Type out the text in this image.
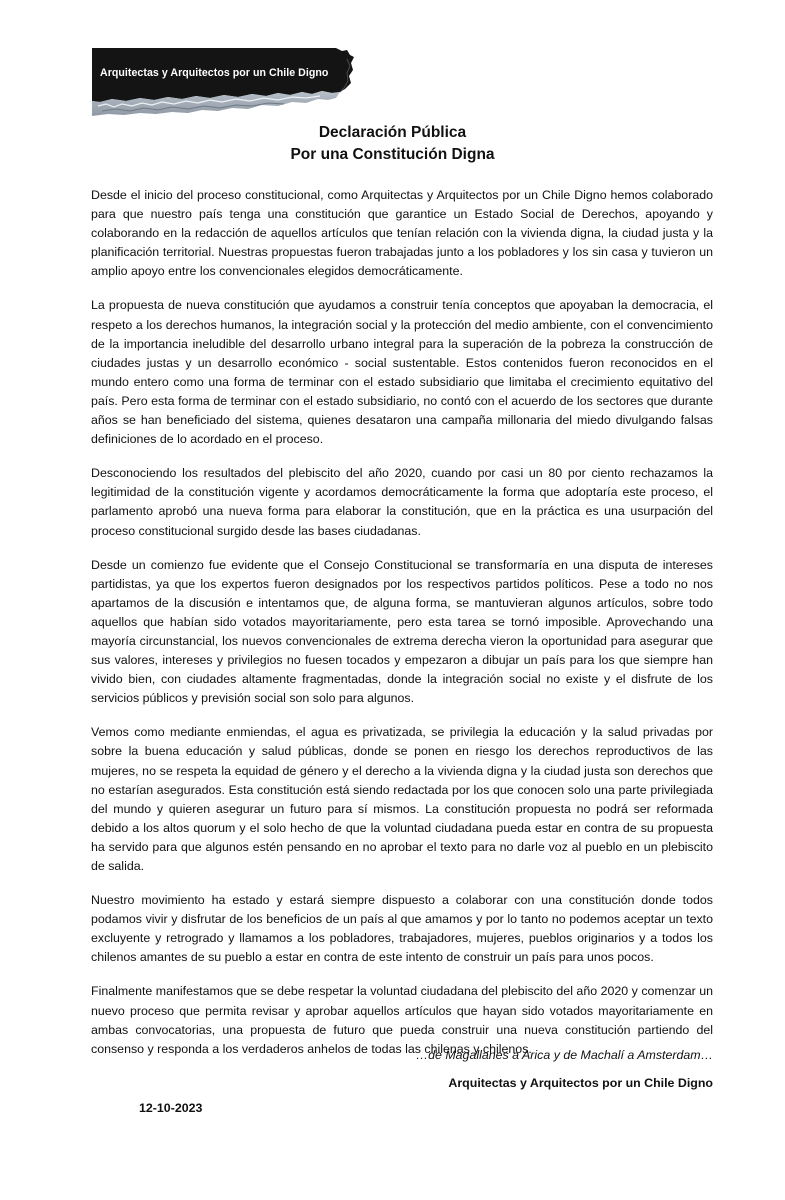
Arquitectas y Arquitectos por un Chile Digno

Declaración Pública

Por una Constitución Digna

Desde el inicio del proceso constitucional, como Arquitectas y Arquitectos por un Chile Digno hemos colaborado para que nuestro país tenga una constitución que garantice un Estado Social de Derechos, apoyando y colaborando en la redacción de aquellos artículos que tenían relación con la vivienda digna, la ciudad justa y la planificación territorial. Nuestras propuestas fueron trabajadas junto a los pobladores y los sin casa y tuvieron un amplio apoyo entre los convencionales elegidos democráticamente.

La propuesta de nueva constitución que ayudamos a construir tenía conceptos que apoyaban la democracia, el respeto a los derechos humanos, la integración social y la protección del medio ambiente, con el convencimiento de la importancia ineludible del desarrollo urbano integral para la superación de la pobreza la construcción de ciudades justas y un desarrollo económico - social sustentable. Estos contenidos fueron reconocidos en el mundo entero como una forma de terminar con el estado subsidiario que limitaba el crecimiento equitativo del país. Pero esta forma de terminar con el estado subsidiario, no contó con el acuerdo de los sectores que durante años se han beneficiado del sistema, quienes desataron una campaña millonaria del miedo divulgando falsas definiciones de lo acordado en el proceso.

Desconociendo los resultados del plebiscito del año 2020, cuando por casi un 80 por ciento rechazamos la legitimidad de la constitución vigente y acordamos democráticamente la forma que adoptaría este proceso, el parlamento aprobó una nueva forma para elaborar la constitución, que en la práctica es una usurpación del proceso constitucional surgido desde las bases ciudadanas.

Desde un comienzo fue evidente que el Consejo Constitucional se transformaría en una disputa de intereses partidistas, ya que los expertos fueron designados por los respectivos partidos políticos. Pese a todo no nos apartamos de la discusión e intentamos que, de alguna forma, se mantuvieran algunos artículos, sobre todo aquellos que habían sido votados mayoritariamente, pero esta tarea se tornó imposible. Aprovechando una mayoría circunstancial, los nuevos convencionales de extrema derecha vieron la oportunidad para asegurar que sus valores, intereses y privilegios no fuesen tocados y empezaron a dibujar un país para los que siempre han vivido bien, con ciudades altamente fragmentadas, donde la integración social no existe y el disfrute de los servicios públicos y previsión social son solo para algunos.

Vemos como mediante enmiendas, el agua es privatizada, se privilegia la educación y la salud privadas por sobre la buena educación y salud públicas, donde se ponen en riesgo los derechos reproductivos de las mujeres, no se respeta la equidad de género y el derecho a la vivienda digna y la ciudad justa son derechos que no estarían asegurados. Esta constitución está siendo redactada por los que conocen solo una parte privilegiada del mundo y quieren asegurar un futuro para sí mismos. La constitución propuesta no podrá ser reformada debido a los altos quorum y el solo hecho de que la voluntad ciudadana pueda estar en contra de su propuesta ha servido para que algunos estén pensando en no aprobar el texto para no darle voz al pueblo en un plebiscito de salida.

Nuestro movimiento ha estado y estará siempre dispuesto a colaborar con una constitución donde todos podamos vivir y disfrutar de los beneficios de un país al que amamos y por lo tanto no podemos aceptar un texto excluyente y retrogrado y llamamos a los pobladores, trabajadores, mujeres, pueblos originarios y a todos los chilenos amantes de su pueblo a estar en contra de este intento de construir un país para unos pocos.

Finalmente manifestamos que se debe respetar la voluntad ciudadana del plebiscito del año 2020 y comenzar un nuevo proceso que permita revisar y aprobar aquellos artículos que hayan sido votados mayoritariamente en ambas convocatorias, una propuesta de futuro que pueda construir una nueva constitución partiendo del consenso y responda a los verdaderos anhelos de todas las chilenas y chilenos.

…de Magallanes a Arica y de Machalí a Amsterdam…

Arquitectas y Arquitectos por un Chile Digno

12-10-2023
